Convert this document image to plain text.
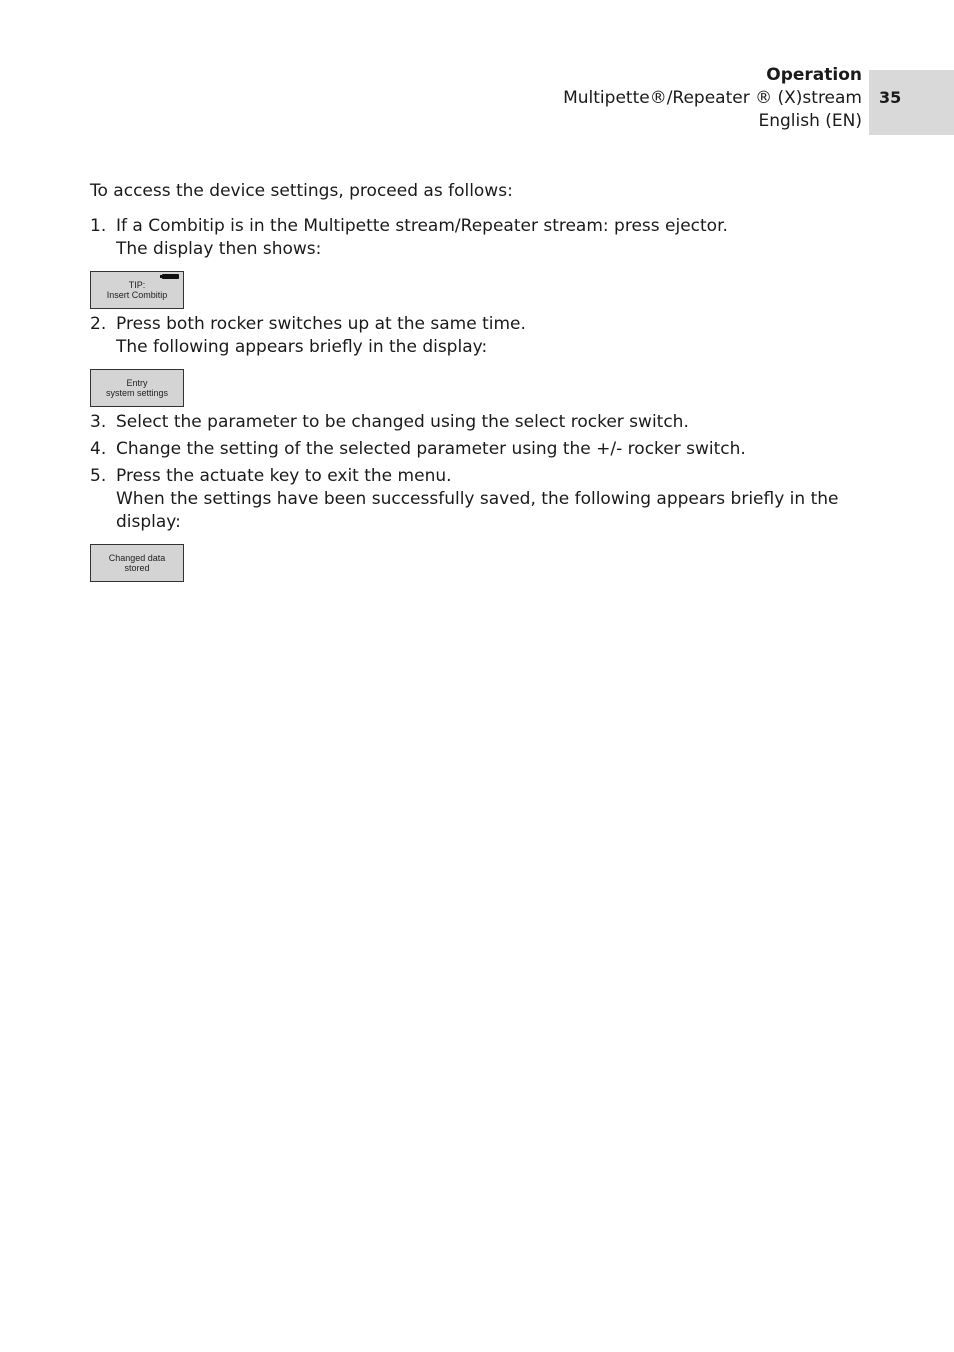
35
Operation
Multipette®/Repeater ® (X)stream
English (EN)

To access the device settings, proceed as follows:

1. If a Combitip is in the Multipette stream/Repeater stream: press ejector.
The display then shows:
TIP:
Insert Combitip
2. Press both rocker switches up at the same time.
The following appears briefly in the display:
Entry
system settings
3. Select the parameter to be changed using the select rocker switch.
4. Change the setting of the selected parameter using the +/- rocker switch.
5. Press the actuate key to exit the menu.
When the settings have been successfully saved, the following appears briefly in the display:
Changed data
stored
